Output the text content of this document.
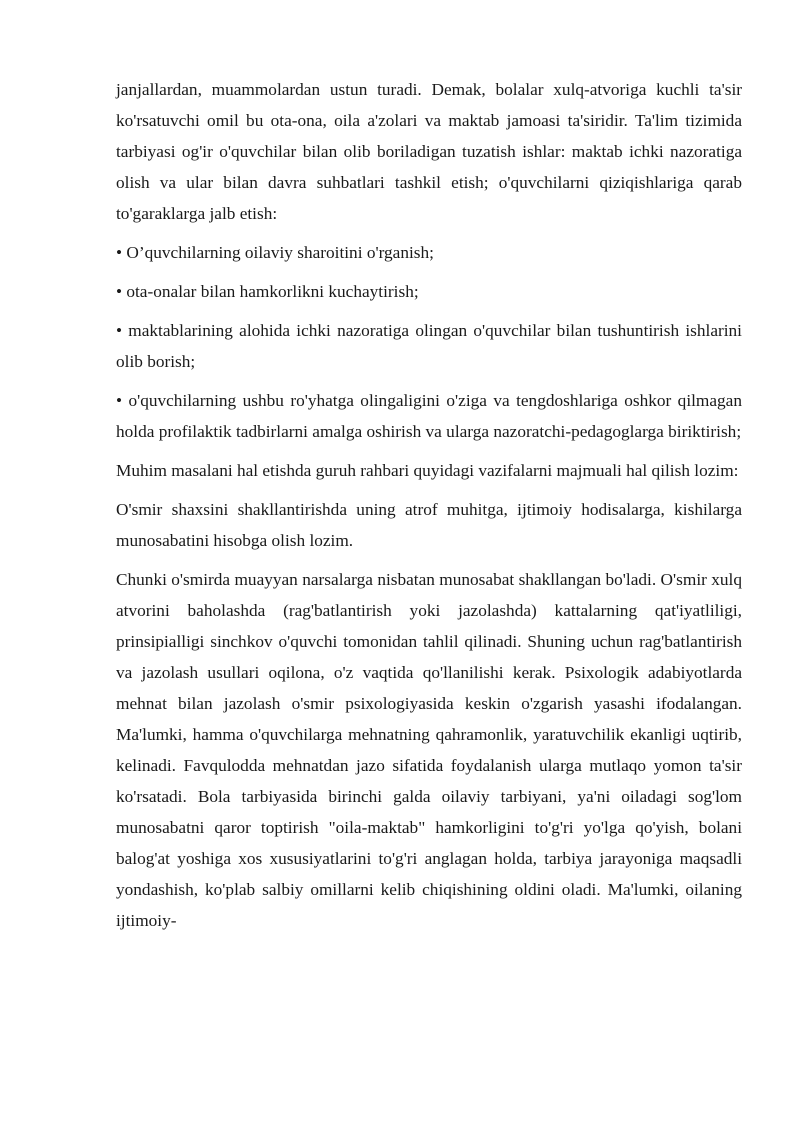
janjallardan, muammolardan ustun turadi. Demak, bolalar xulq-atvoriga kuchli ta'sir ko'rsatuvchi omil bu ota-ona, oila a'zolari va maktab jamoasi ta'siridir. Ta'lim tizimida tarbiyasi og'ir o'quvchilar bilan olib boriladigan tuzatish ishlar: maktab ichki nazoratiga olish va ular bilan davra suhbatlari tashkil etish; o'quvchilarni qiziqishlariga qarab to'garaklarga jalb etish:

• O’quvchilarning oilaviy sharoitini o'rganish;

• ota-onalar bilan hamkorlikni kuchaytirish;

• maktablarining alohida ichki nazoratiga olingan o'quvchilar bilan tushuntirish ishlarini olib borish;

• o'quvchilarning ushbu ro'yhatga olingaligini o'ziga va tengdoshlariga oshkor qilmagan holda profilaktik tadbirlarni amalga oshirish va ularga nazoratchi-pedagoglarga biriktirish;

Muhim masalani hal etishda guruh rahbari quyidagi vazifalarni majmuali hal qilish lozim:

O'smir shaxsini shakllantirishda uning atrof muhitga, ijtimoiy hodisalarga, kishilarga munosabatini hisobga olish lozim.

Chunki o'smirda muayyan narsalarga nisbatan munosabat shakllangan bo'ladi. O'smir xulq atvorini baholashda (rag'batlantirish yoki jazolashda) kattalarning qat'iyatliligi, prinsipialligi sinchkov o'quvchi tomonidan tahlil qilinadi. Shuning uchun rag'batlantirish va jazolash usullari oqilona, o'z vaqtida qo'llanilishi kerak. Psixologik adabiyotlarda mehnat bilan jazolash o'smir psixologiyasida keskin o'zgarish yasashi ifodalangan. Ma'lumki, hamma o'quvchilarga mehnatning qahramonlik, yaratuvchilik ekanligi uqtirib, kelinadi. Favqulodda mehnatdan jazo sifatida foydalanish ularga mutlaqo yomon ta'sir ko'rsatadi. Bola tarbiyasida birinchi galda oilaviy tarbiyani, ya'ni oiladagi sog'lom munosabatni qaror toptirish "oila-maktab" hamkorligini to'g'ri yo'lga qo'yish, bolani balog'at yoshiga xos xususiyatlarini to'g'ri anglagan holda, tarbiya jarayoniga maqsadli yondashish, ko'plab salbiy omillarni kelib chiqishining oldini oladi. Ma'lumki, oilaning ijtimoiy-
